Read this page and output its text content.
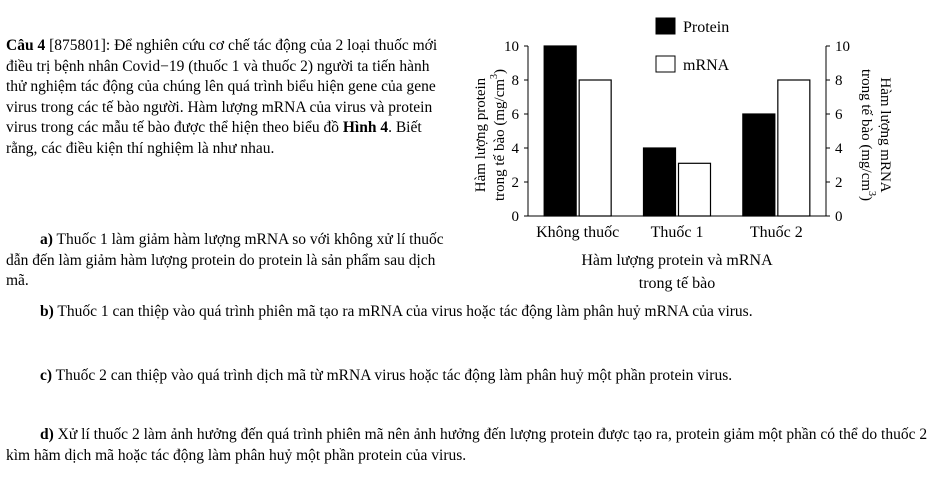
Câu 4 [875801]: Để nghiên cứu cơ chế tác động của 2 loại thuốc mới điều trị bệnh nhân Covid−19 (thuốc 1 và thuốc 2) người ta tiến hành thử nghiệm tác động của chúng lên quá trình biểu hiện gene của gene virus trong các tế bào người. Hàm lượng mRNA của virus và protein virus trong các mẫu tế bào được thể hiện theo biểu đồ Hình 4. Biết rằng, các điều kiện thí nghiệm là như nhau.
a) Thuốc 1 làm giảm hàm lượng mRNA so với không xử lí thuốc dẫn đến làm giảm hàm lượng protein do protein là sản phẩm sau dịch mã.
b) Thuốc 1 can thiệp vào quá trình phiên mã tạo ra mRNA của virus hoặc tác động làm phân huỷ mRNA của virus.
c) Thuốc 2 can thiệp vào quá trình dịch mã từ mRNA virus hoặc tác động làm phân huỷ một phần protein virus.
d) Xử lí thuốc 2 làm ảnh hưởng đến quá trình phiên mã nên ảnh hưởng đến lượng protein được tạo ra, protein giảm một phần có thể do thuốc 2 kìm hãm dịch mã hoặc tác động làm phân huỷ một phần protein của virus.
0	0
2	2
4	4
6	6
8	8
10	10
Không thuốc Thuốc 1	Thuốc 2
Protein
mRNA
Hàm lượng protein và mRNA
trong tế bào
Hàm lượng protein trong tế bào $(mg/cm^3)$
Hàm lượng mRNAtrong tế bào $(mg/cm^3)$
